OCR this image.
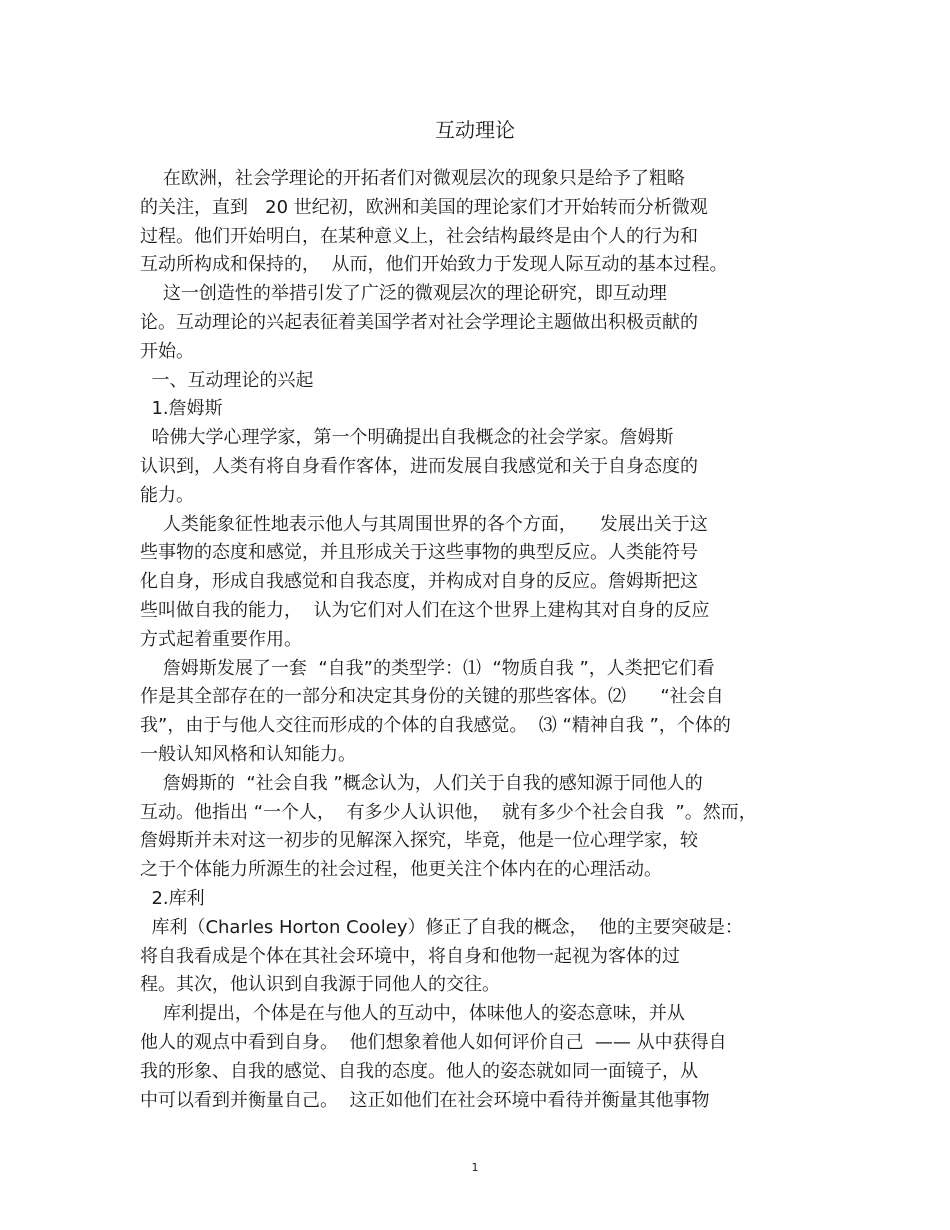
互动理论
在欧洲，社会学理论的开拓者们对微观层次的现象只是给予了粗略
的关注，直到   20 世纪初，欧洲和美国的理论家们才开始转而分析微观
过程。他们开始明白，在某种意义上，社会结构最终是由个人的行为和
互动所构成和保持的，  从而，他们开始致力于发现人际互动的基本过程。
这一创造性的举措引发了广泛的微观层次的理论研究，即互动理
论。互动理论的兴起表征着美国学者对社会学理论主题做出积极贡献的
开始。
一、互动理论的兴起
1.詹姆斯
哈佛大学心理学家，第一个明确提出自我概念的社会学家。詹姆斯
认识到，人类有将自身看作客体，进而发展自我感觉和关于自身态度的
能力。
人类能象征性地表示他人与其周围世界的各个方面，    发展出关于这
些事物的态度和感觉，并且形成关于这些事物的典型反应。人类能符号
化自身，形成自我感觉和自我态度，并构成对自身的反应。詹姆斯把这
些叫做自我的能力，  认为它们对人们在这个世界上建构其对自身的反应
方式起着重要作用。
詹姆斯发展了一套  “自我”的类型学：⑴  “物质自我 ”，人类把它们看
作是其全部存在的一部分和决定其身份的关键的那些客体。⑵      “社会自
我”，由于与他人交往而形成的个体的自我感觉。  ⑶ “精神自我 ”，个体的
一般认知风格和认知能力。
詹姆斯的  “社会自我 ”概念认为，人们关于自我的感知源于同他人的
互动。他指出 “一个人，  有多少人认识他，  就有多少个社会自我  ”。然而，
詹姆斯并未对这一初步的见解深入探究，毕竟，他是一位心理学家，较
之于个体能力所源生的社会过程，他更关注个体内在的心理活动。
2.库利
库利（Charles Horton Cooley）修正了自我的概念，  他的主要突破是：
将自我看成是个体在其社会环境中，将自身和他物一起视为客体的过
程。其次，他认识到自我源于同他人的交往。
库利提出，个体是在与他人的互动中，体味他人的姿态意味，并从
他人的观点中看到自身。  他们想象着他人如何评价自己  —— 从中获得自
我的形象、自我的感觉、自我的态度。他人的姿态就如同一面镜子，从
中可以看到并衡量自己。  这正如他们在社会环境中看待并衡量其他事物
1
